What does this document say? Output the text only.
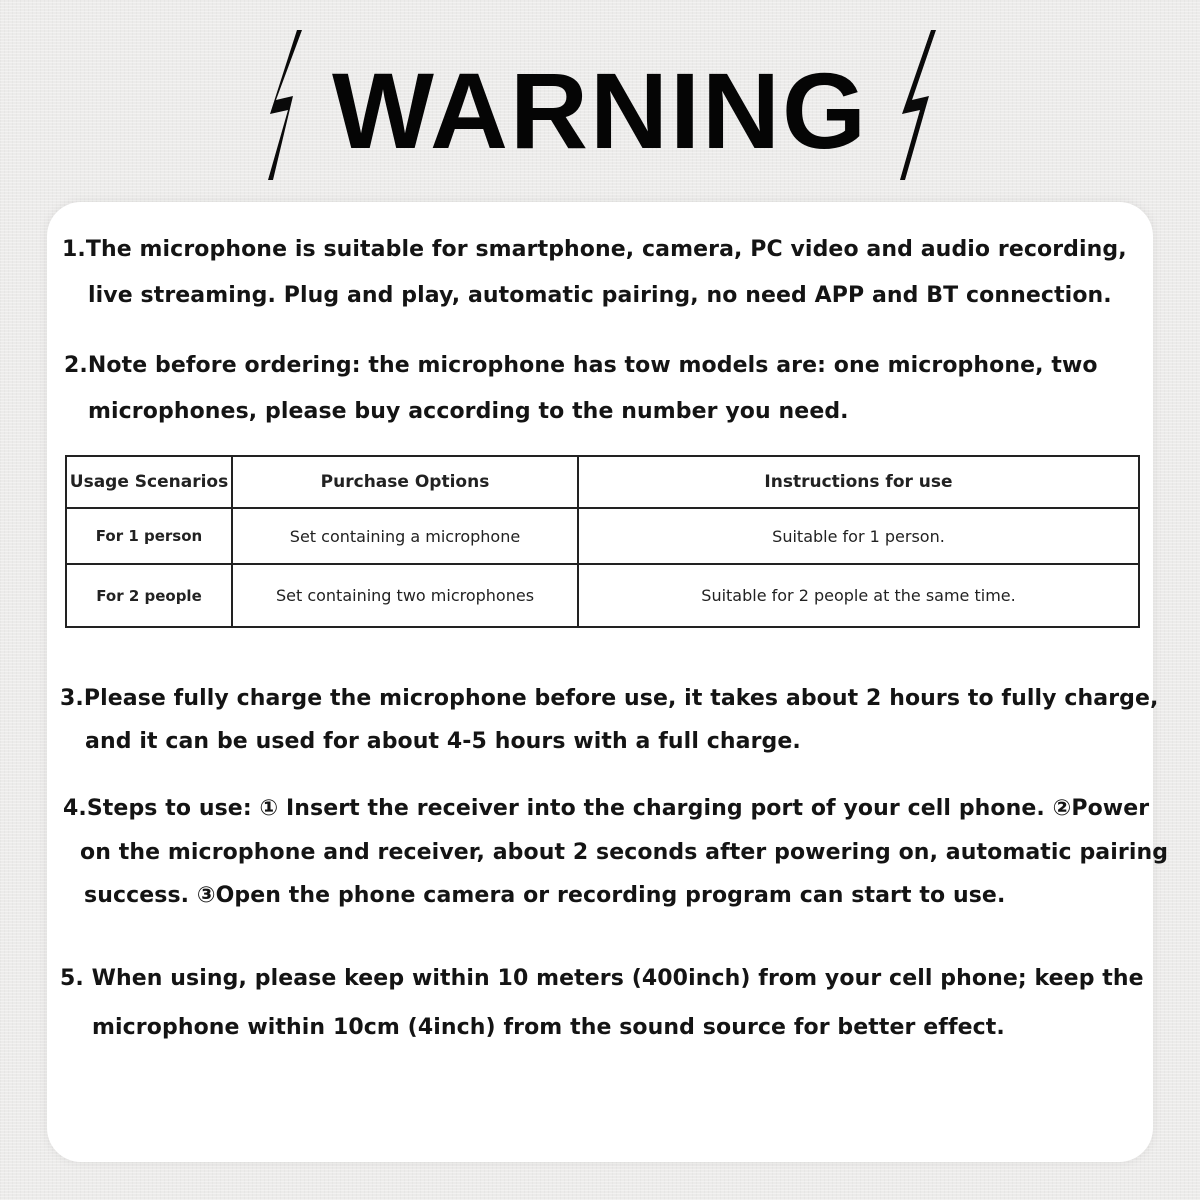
WARNING

1.The microphone is suitable for smartphone, camera, PC video and audio recording,

live streaming. Plug and play, automatic pairing, no need APP and BT connection.

2.Note before ordering: the microphone has tow models are: one microphone, two

microphones, please buy according to the number you need.

Usage Scenarios	Purchase Options	Instructions for use
For 1 person	Set containing a microphone	Suitable for 1 person.
For 2 people	Set containing two microphones	Suitable for 2 people at the same time.

3.Please fully charge the microphone before use, it takes about 2 hours to fully charge,

and it can be used for about 4-5 hours with a full charge.

4.Steps to use: ① Insert the receiver into the charging port of your cell phone. ②Power

on the microphone and receiver, about 2 seconds after powering on, automatic pairing

success. ③Open the phone camera or recording program can start to use.

5. When using, please keep within 10 meters (400inch) from your cell phone; keep the

microphone within 10cm (4inch) from the sound source for better effect.
